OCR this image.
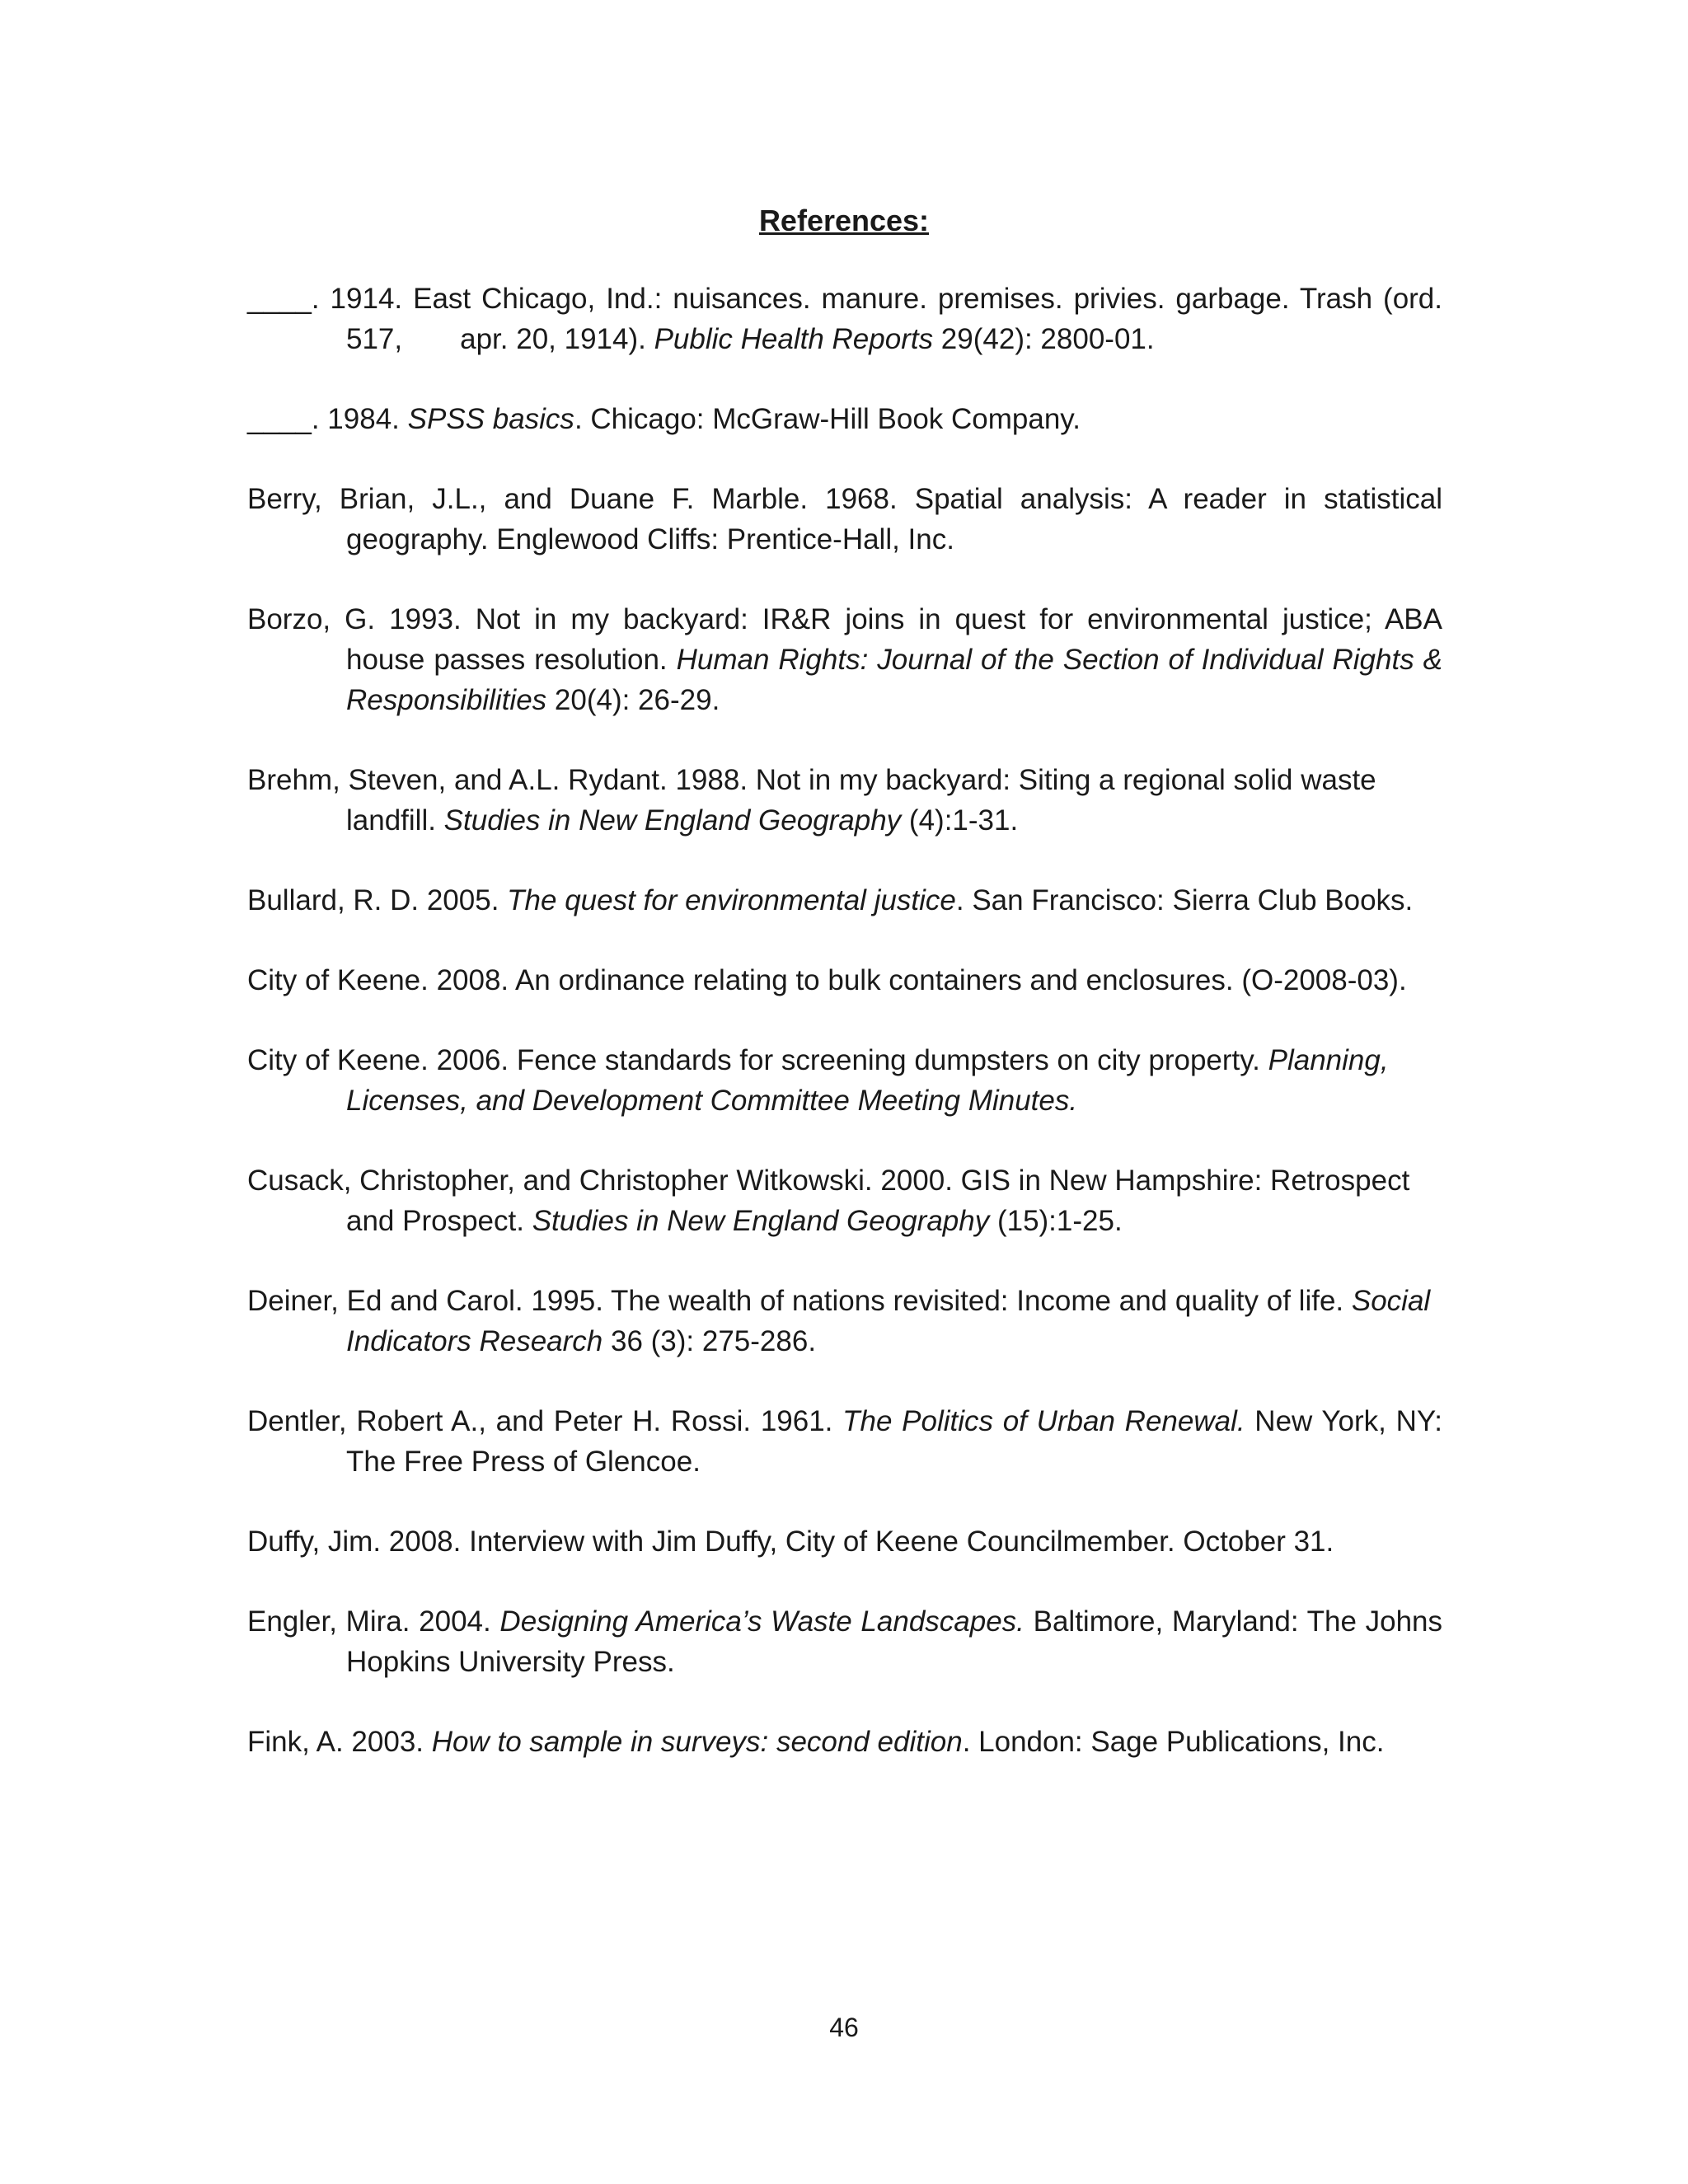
References:

____. 1914. East Chicago, Ind.: nuisances. manure. premises. privies. garbage. Trash (ord. 517,  apr. 20, 1914). Public Health Reports 29(42): 2800-01.

____. 1984. SPSS basics. Chicago: McGraw-Hill Book Company.

Berry, Brian, J.L., and Duane F. Marble. 1968. Spatial analysis: A reader in statistical geography. Englewood Cliffs: Prentice-Hall, Inc.

Borzo, G. 1993. Not in my backyard: IR&R joins in quest for environmental justice; ABA house passes resolution. Human Rights: Journal of the Section of Individual Rights & Responsibilities 20(4): 26-29.

Brehm, Steven, and A.L. Rydant. 1988. Not in my backyard: Siting a regional solid waste landfill. Studies in New England Geography (4):1-31.

Bullard, R. D. 2005. The quest for environmental justice. San Francisco: Sierra Club Books.

City of Keene. 2008. An ordinance relating to bulk containers and enclosures. (O-2008-03).

City of Keene. 2006. Fence standards for screening dumpsters on city property. Planning, Licenses, and Development Committee Meeting Minutes.

Cusack, Christopher, and Christopher Witkowski. 2000. GIS in New Hampshire: Retrospect and Prospect. Studies in New England Geography (15):1-25.

Deiner, Ed and Carol. 1995. The wealth of nations revisited: Income and quality of life. Social Indicators Research 36 (3): 275-286.

Dentler, Robert A., and Peter H. Rossi. 1961. The Politics of Urban Renewal. New York, NY: The Free Press of Glencoe.

Duffy, Jim. 2008. Interview with Jim Duffy, City of Keene Councilmember. October 31.

Engler, Mira. 2004. Designing America’s Waste Landscapes. Baltimore, Maryland: The Johns Hopkins University Press.

Fink, A. 2003. How to sample in surveys: second edition. London: Sage Publications, Inc.

46
